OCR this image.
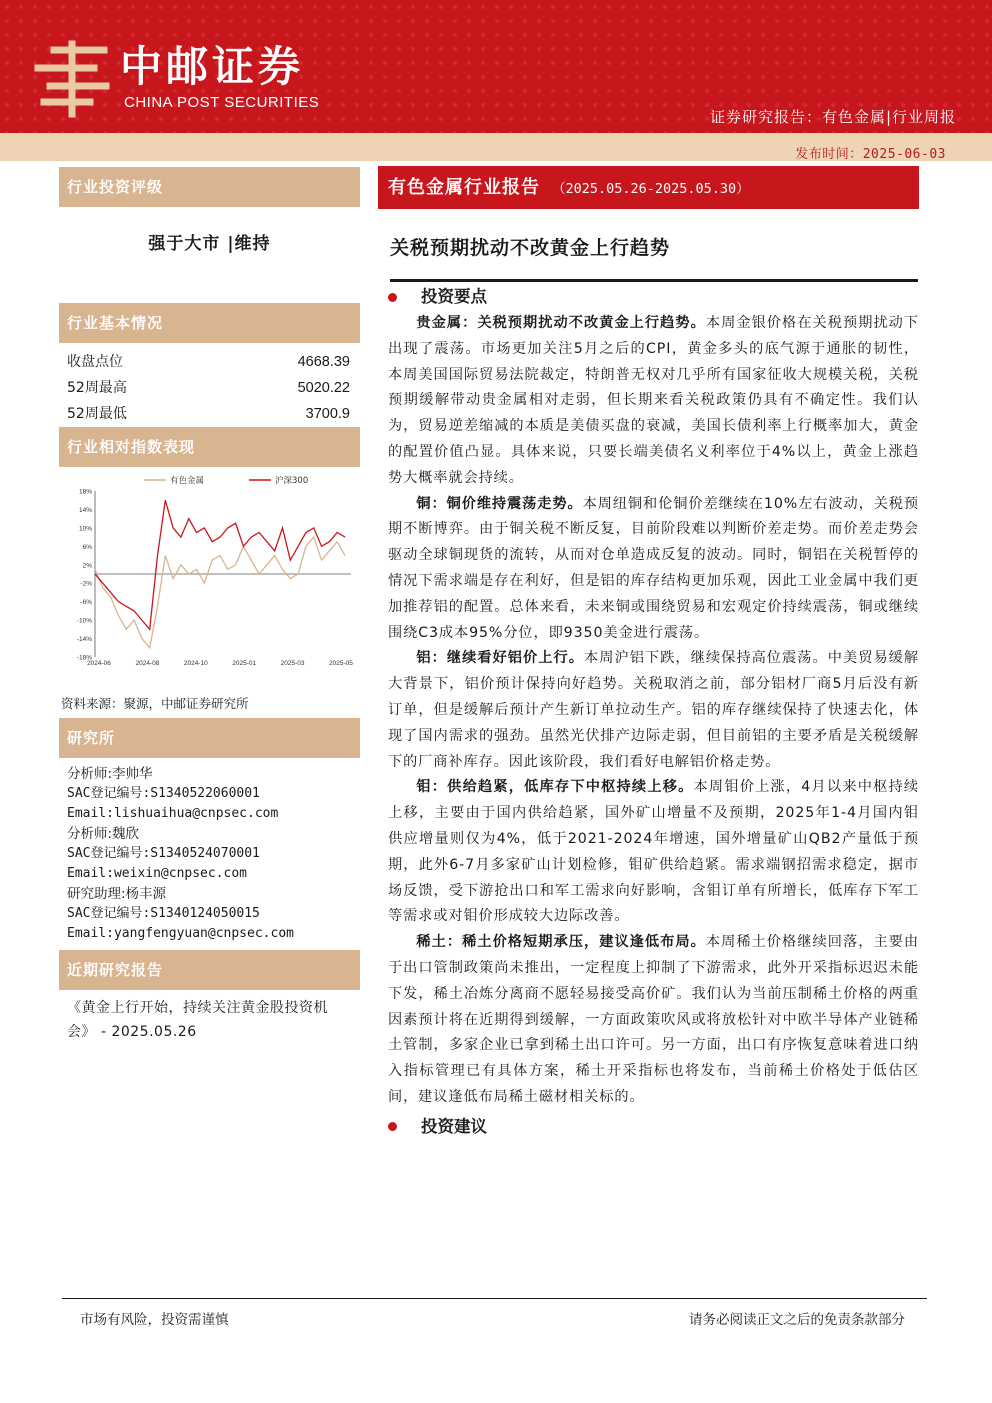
中邮证券
CHINA POST SECURITIES
证券研究报告：有色金属|行业周报
发布时间：2025-06-03
行业投资评级
强于大市 |维持
行业基本情况
收盘点位	4668.39
52周最高	5020.22
52周最低	3700.9
行业相对指数表现
18%
14%
10%
6%
2%
-2%
-6%
-10%
-14%
-18%
2024-06	2024-08	2024-10	2025-01	2025-03	2025-05
有色金属	沪深300
资料来源：聚源，中邮证券研究所
研究所
分析师:李帅华
SAC登记编号:S1340522060001
Email:lishuaihua@cnpsec.com
分析师:魏欣
SAC登记编号:S1340524070001
Email:weixin@cnpsec.com
研究助理:杨丰源
SAC登记编号:S1340124050015
Email:yangfengyuan@cnpsec.com
近期研究报告
《黄金上行开始，持续关注黄金股投资机会》 - 2025.05.26
有色金属行业报告 （2025.05.26-2025.05.30）
关税预期扰动不改黄金上行趋势
投资要点
贵金属：关税预期扰动不改黄金上行趋势。本周金银价格在关税预期扰动下出现了震荡。市场更加关注5月之后的CPI，黄金多头的底气源于通胀的韧性，本周美国国际贸易法院裁定，特朗普无权对几乎所有国家征收大规模关税，关税预期缓解带动贵金属相对走弱，但长期来看关税政策仍具有不确定性。我们认为，贸易逆差缩减的本质是美债买盘的衰减，美国长债利率上行概率加大，黄金的配置价值凸显。具体来说，只要长端美债名义利率位于4%以上，黄金上涨趋势大概率就会持续。
铜：铜价维持震荡走势。本周纽铜和伦铜价差继续在10%左右波动，关税预期不断博弈。由于铜关税不断反复，目前阶段难以判断价差走势。而价差走势会驱动全球铜现货的流转，从而对仓单造成反复的波动。同时，铜铝在关税暂停的情况下需求端是存在利好，但是铝的库存结构更加乐观，因此工业金属中我们更加推荐铝的配置。总体来看，未来铜或围绕贸易和宏观定价持续震荡，铜或继续围绕C3成本95%分位，即9350美金进行震荡。
铝：继续看好铝价上行。本周沪铝下跌，继续保持高位震荡。中美贸易缓解大背景下，铝价预计保持向好趋势。关税取消之前，部分铝材厂商5月后没有新订单，但是缓解后预计产生新订单拉动生产。铝的库存继续保持了快速去化，体现了国内需求的强劲。虽然光伏排产边际走弱，但目前铝的主要矛盾是关税缓解下的厂商补库存。因此该阶段，我们看好电解铝价格走势。
钼：供给趋紧，低库存下中枢持续上移。本周钼价上涨，4月以来中枢持续上移，主要由于国内供给趋紧，国外矿山增量不及预期，2025年1-4月国内钼供应增量则仅为4%，低于2021-2024年增速，国外增量矿山QB2产量低于预期，此外6-7月多家矿山计划检修，钼矿供给趋紧。需求端钢招需求稳定，据市场反馈，受下游抢出口和军工需求向好影响，含钼订单有所增长，低库存下军工等需求或对钼价形成较大边际改善。
稀土：稀土价格短期承压，建议逢低布局。本周稀土价格继续回落，主要由于出口管制政策尚未推出，一定程度上抑制了下游需求，此外开采指标迟迟未能下发，稀土冶炼分离商不愿轻易接受高价矿。我们认为当前压制稀土价格的两重因素预计将在近期得到缓解，一方面政策吹风或将放松针对中欧半导体产业链稀土管制，多家企业已拿到稀土出口许可。另一方面，出口有序恢复意味着进口纳入指标管理已有具体方案，稀土开采指标也将发布，当前稀土价格处于低估区间，建议逢低布局稀土磁材相关标的。
投资建议
市场有风险，投资需谨慎	请务必阅读正文之后的免责条款部分
